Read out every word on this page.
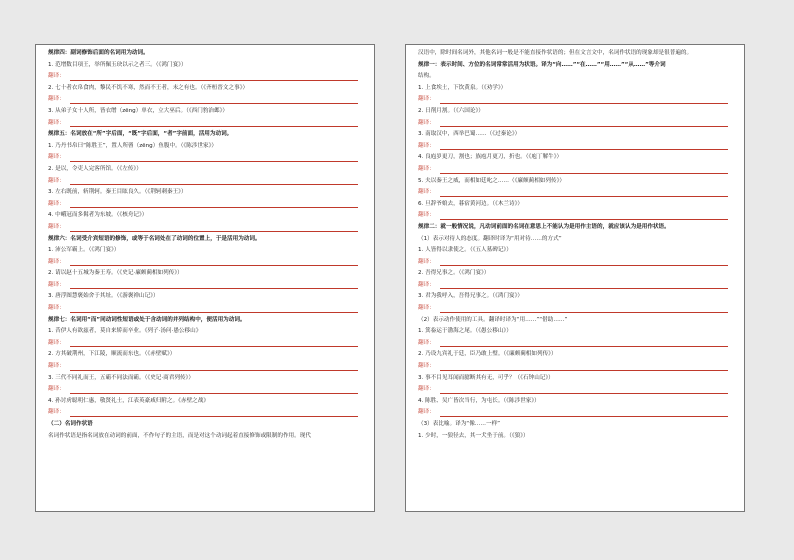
规律四：副词修饰后面的名词用为动词。
1. 范增数目项王，举所佩玉玦以示之者三。（《鸿门宴》）
翻译：
2. 七十者衣帛食肉，黎民不饥不寒，然而不王者，未之有也。（《齐桓晋文之事》）
翻译：
3. 从弟子女十人所，皆衣缯（zēng）单衣，立大巫后。（《西门豹治邺》）
翻译：
规律五：名词放在“所”字后面，“既”字后面，“者”字前面，活用为动词。
1. 乃丹书帛曰“陈胜王”，置人所罾（zēng）鱼腹中。（《陈涉世家》）
翻译：
2. 是以，令吏人完客所馆。（《左传》）
翻译：
3. 左右既前，斩荆轲。秦王目眩良久。（《荆轲刺秦王》）
翻译：
4. 中峨冠而多髯者为东坡。（《核舟记》）
翻译：
规律六：名词受介宾短语的修饰，或等于名词处在了动词的位置上，于是活用为动词。
1. 沛公军霸上。（《鸿门宴》）
翻译：
2. 请以赵十五城为秦王寿。（《史记·廉颇蔺相如列传》）
翻译：
3. 唐浮图慧褒始舍于其址。（《游褒禅山记》）
翻译：
规律七：名词用“而”同动词性短语或处于含动词的并列结构中，便活用为动词。
1. 昔伊人有欲兹者，莫自来矫而卒业。《列子·汤问·愚公移山》
翻译：
2. 方其破荆州，下江陵，顺流而东也。（《赤壁赋》）
翻译：
3. 三代不同礼而王，五霸不同法而霸。（《史记·商君列传》）
翻译：
4. 孙讨虏聪明仁惠，敬贤礼士，江表英豪咸归附之。《赤壁之战》
翻译：
（二）名词作状语
名词作状语是指名词放在动词的前面，不作句子的主语，而是对这个动词起着直接修饰或限制的作用。现代
汉语中，除时间名词外，其他名词一般是不能直接作状语的；但在文言文中，名词作状语的现象却是很普遍的。
规律一：表示时间、方位的名词常常活用为状语。译为“向……”“在……”“用……”“从……”等介词
结构。
1. 上食埃土，下饮黄泉。（《劝学》）
翻译：
2. 日削月割。（《六国论》）
翻译：
3. 南取汉中，西举巴蜀……（《过秦论》）
翻译：
4. 良庖岁更刀，割也；族庖月更刀，折也。（《庖丁解牛》）
翻译：
5. 夫以秦王之威，而相如廷叱之……（《廉颇蔺相如列传》）
翻译：
6. 旦辞爷娘去，暮宿黄河边。（《木兰诗》）
翻译：
规律二：就一般情况说，凡动词前面的名词在意思上不能认为是用作主语的，就应该认为是用作状语。
（1）表示对待人的态度。翻译时译为“用对待……的方式”
1. 人皆得以隶使之。（《五人墓碑记》）
翻译：
2. 吾得兄事之。（《鸿门宴》）
翻译：
3. 君为我呼入，吾得兄事之。（《鸿门宴》）
翻译：
（2）表示动作使用的工具。翻译时译为“用……”“借助……”
1. 箕畚运于渤海之尾。（《愚公移山》）
翻译：
2. 乃设九宾礼于廷，臣乃敢上璧。（《廉颇蔺相如列传》）
翻译：
3. 事不目见耳闻而臆断其有无，可乎？（《石钟山记》）
翻译：
4. 陈胜、吴广皆次当行，为屯长。（《陈涉世家》）
翻译：
（3）表比喻。译为“像……一样”
1. 少时，一狼径去，其一犬坐于前。（《狼》）
